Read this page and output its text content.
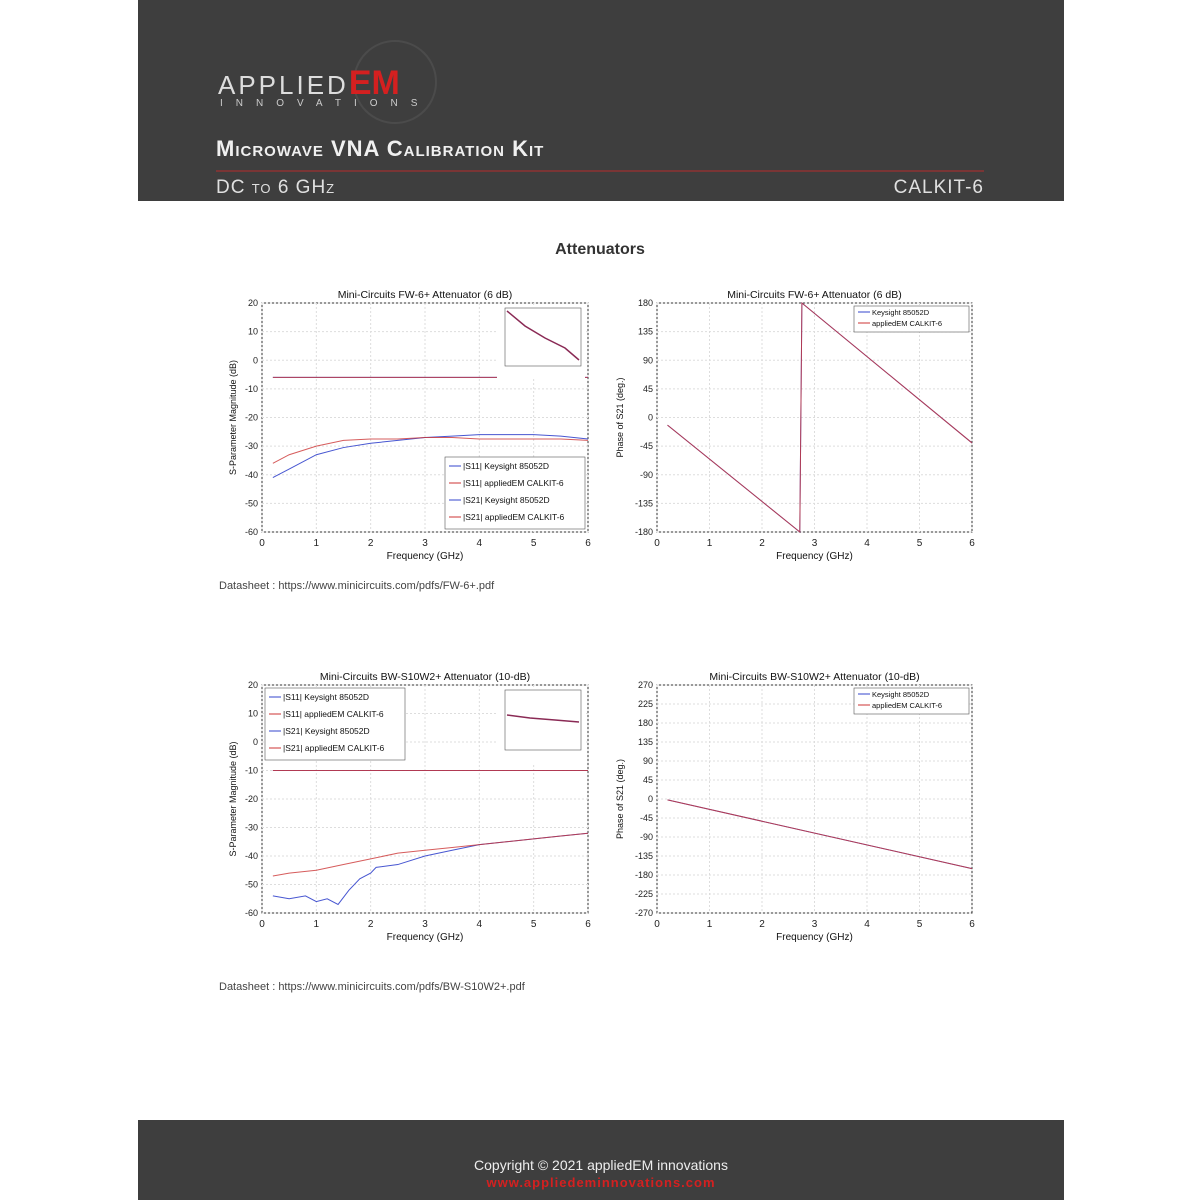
APPLIEDEM
INNOVATIONS
Microwave VNA Calibration Kit
DC to 6 GHz	CALKIT-6
Attenuators
0	1	2	3	4	5	6
-60
-50
-40
-30
-20
-10
0
10
20
Mini-Circuits FW-6+ Attenuator (6 dB)
Frequency (GHz)
S-Parameter Magnitude (dB)	|S11| Keysight 85052D
|S11| appliedEM CALKIT-6
|S21| Keysight 85052D
|S21| appliedEM CALKIT-6
0	1	2	3	4	5	6
-180
-135
-90
-45
0
45
90
135
180
Mini-Circuits FW-6+ Attenuator (6 dB)
Frequency (GHz)
Phase of S21 (deg.)
Keysight 85052D
appliedEM CALKIT-6
0	1	2	3	4	5	6
-60
-50
-40
-30
-20
-10
0
10
20
Mini-Circuits BW-S10W2+ Attenuator (10-dB)
Frequency (GHz)
S-Parameter Magnitude (dB)
|S11| Keysight 85052D
|S11| appliedEM CALKIT-6
|S21| Keysight 85052D
|S21| appliedEM CALKIT-6
0	1	2	3	4	5	6
-270
-225
-180
-135
-90
-45
0
45
90
135
180
225
270
Mini-Circuits BW-S10W2+ Attenuator (10-dB)
Frequency (GHz)
Phase of S21 (deg.)
Keysight 85052D
appliedEM CALKIT-6
Datasheet : https://www.minicircuits.com/pdfs/FW-6+.pdf
Datasheet : https://www.minicircuits.com/pdfs/BW-S10W2+.pdf
Copyright © 2021 appliedEM innovations
www.appliedeminnovations.com
